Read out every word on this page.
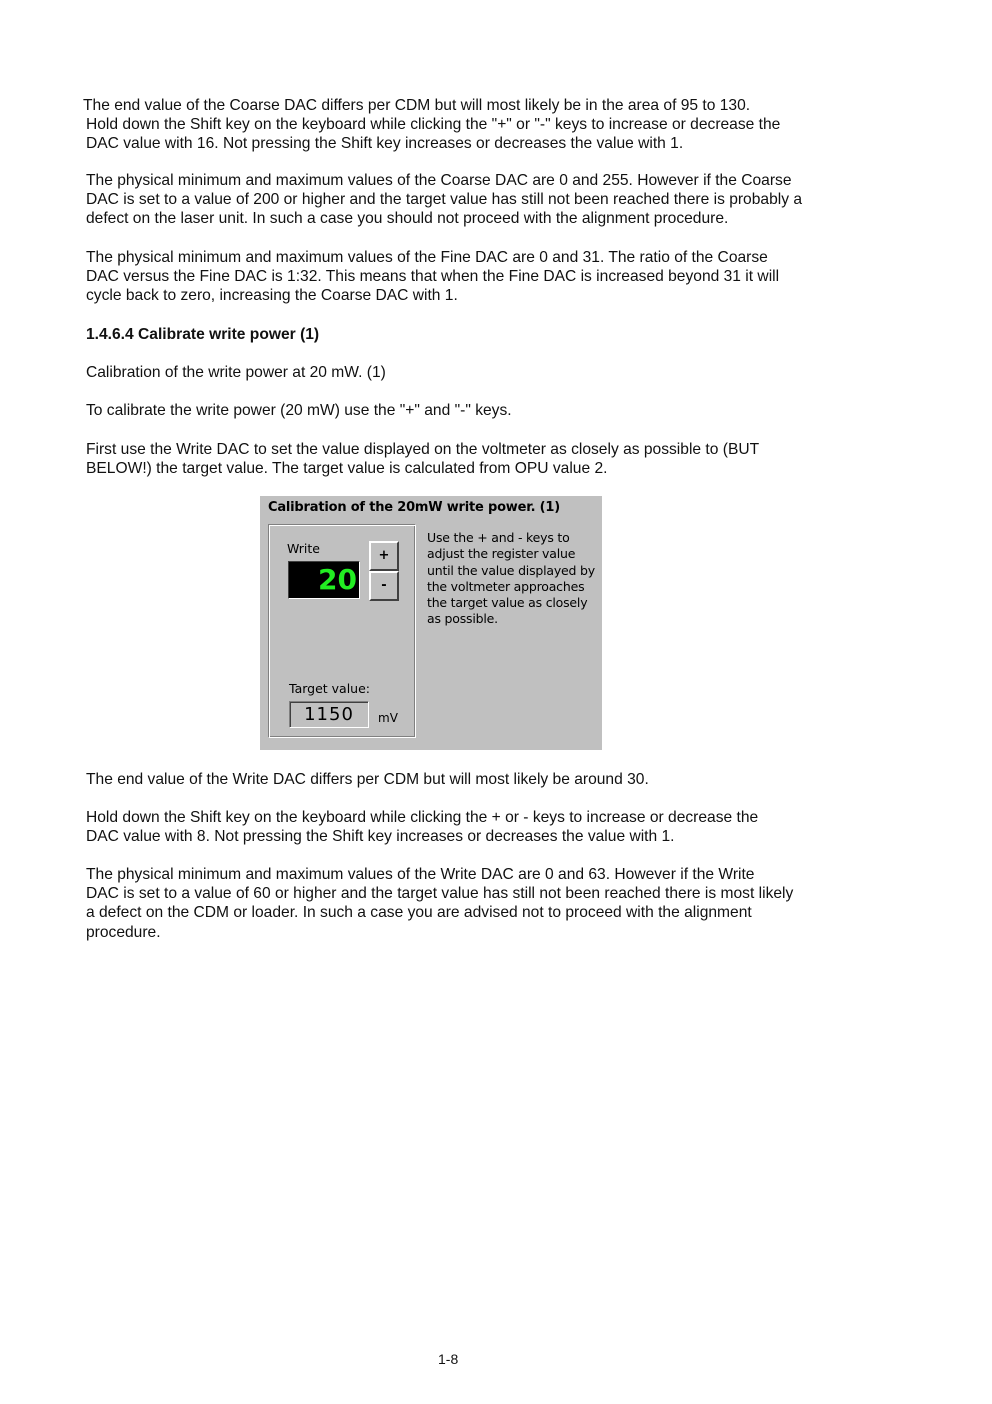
The end value of the Coarse DAC differs per CDM but will most likely be in the area of 95 to 130.
Hold down the Shift key on the keyboard while clicking the "+" or "-" keys to increase or decrease the
DAC value with 16. Not pressing the Shift key increases or decreases the value with 1.
The physical minimum and maximum values of the Coarse DAC are 0 and 255. However if the Coarse
DAC is set to a value of 200 or higher and the target value has still not been reached there is probably a
defect on the laser unit. In such a case you should not proceed with the alignment procedure.
The physical minimum and maximum values of the Fine DAC are 0 and 31. The ratio of the Coarse
DAC versus the Fine DAC is 1:32. This means that when the Fine DAC is increased beyond 31 it will
cycle back to zero, increasing the Coarse DAC with 1.
1.4.6.4 Calibrate write power (1)
Calibration of the write power at 20 mW. (1)
To calibrate the write power (20 mW) use the "+" and "-" keys.
First use the Write DAC to set the value displayed on the voltmeter as closely as possible to (BUT
BELOW!) the target value. The target value is calculated from OPU value 2.
Calibration of the 20mW write power. (1)
Write
20
+
-
Target value:
1150	mV
Use the + and - keys to adjust the register value until the value displayed by the voltmeter approaches the target value as closely as possible.
The end value of the Write DAC differs per CDM but will most likely be around 30.
Hold down the Shift key on the keyboard while clicking the + or - keys to increase or decrease the
DAC value with 8. Not pressing the Shift key increases or decreases the value with 1.
The physical minimum and maximum values of the Write DAC are 0 and 63. However if the Write
DAC is set to a value of 60 or higher and the target value has still not been reached there is most likely
a defect on the CDM or loader. In such a case you are advised not to proceed with the alignment
procedure.
1-8
